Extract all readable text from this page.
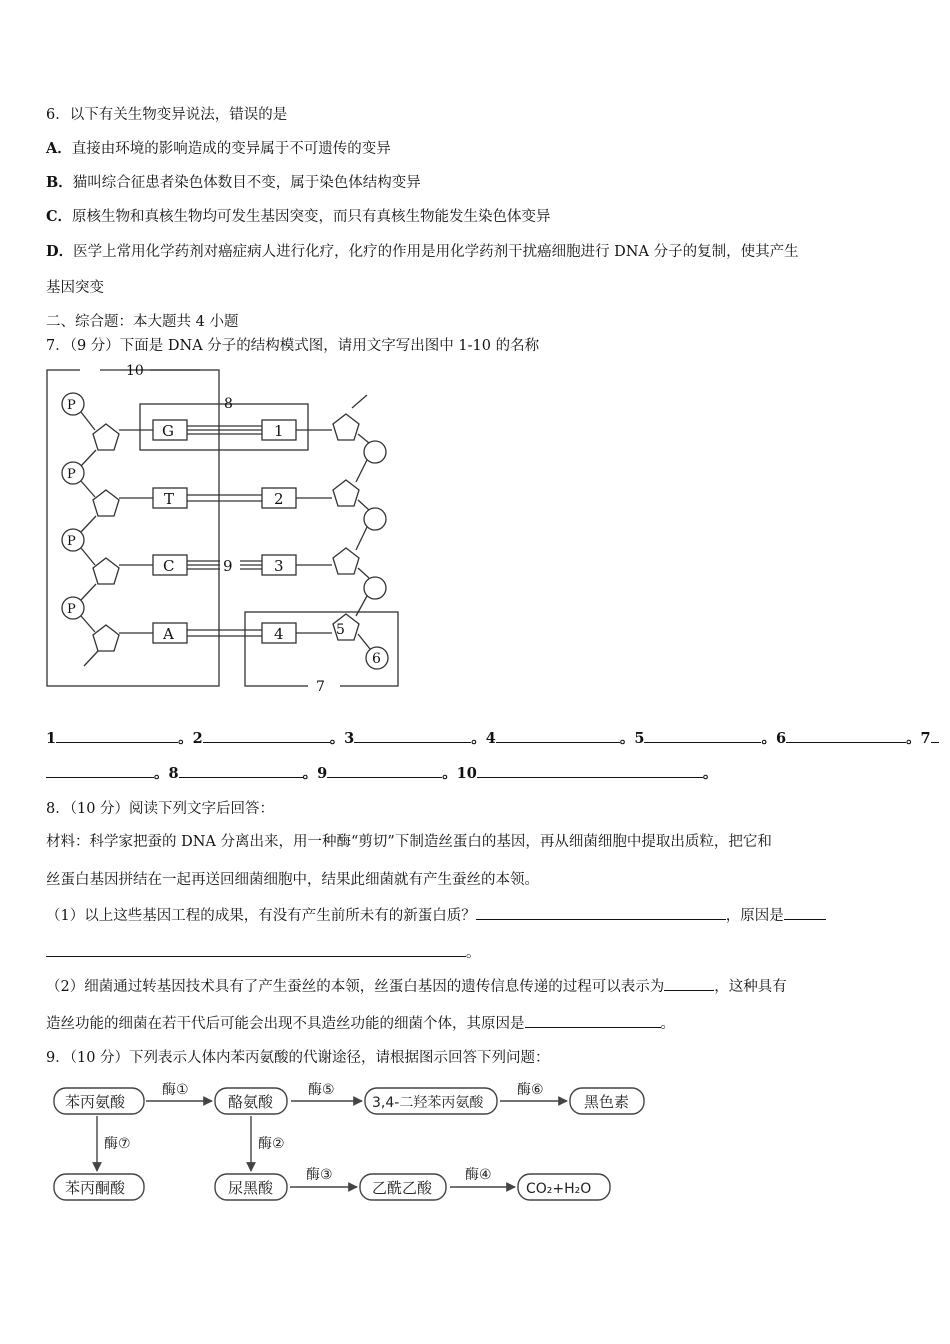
6．以下有关生物变异说法，错误的是
A．直接由环境的影响造成的变异属于不可遗传的变异
B．猫叫综合征患者染色体数目不变，属于染色体结构变异
C．原核生物和真核生物均可发生基因突变，而只有真核生物能发生染色体变异
D．医学上常用化学药剂对癌症病人进行化疗，化疗的作用是用化学药剂干扰癌细胞进行 DNA 分子的复制，使其产生
基因突变
二、综合题：本大题共 4 小题
7．（9 分）下面是 DNA 分子的结构模式图，请用文字写出图中 1-10 的名称
10
8
7
P
P
P
P
G
T
C
A
1
2
3
4
9
5
6
1	。2	。3	。4	。5	。6	。7
。8	。9	。10	。
8．（10 分）阅读下列文字后回答：
材料：科学家把蚕的 DNA 分离出来，用一种酶“剪切”下制造丝蛋白的基因，再从细菌细胞中提取出质粒，把它和
丝蛋白基因拼结在一起再送回细菌细胞中，结果此细菌就有产生蚕丝的本领。
（1）以上这些基因工程的成果，有没有产生前所未有的新蛋白质？	，原因是
。
（2）细菌通过转基因技术具有了产生蚕丝的本领，丝蛋白基因的遗传信息传递的过程可以表示为	，这种具有
造丝功能的细菌在若干代后可能会出现不具造丝功能的细菌个体，其原因是	。
9．（10 分）下列表示人体内苯丙氨酸的代谢途径，请根据图示回答下列问题：
苯丙氨酸	酪氨酸	3,4-二羟苯丙氨酸	黑色素
苯丙酮酸	尿黑酸	乙酰乙酸	CO₂+H₂O
酶①	酶⑤	酶⑥
酶⑦	酶②
酶③	酶④
